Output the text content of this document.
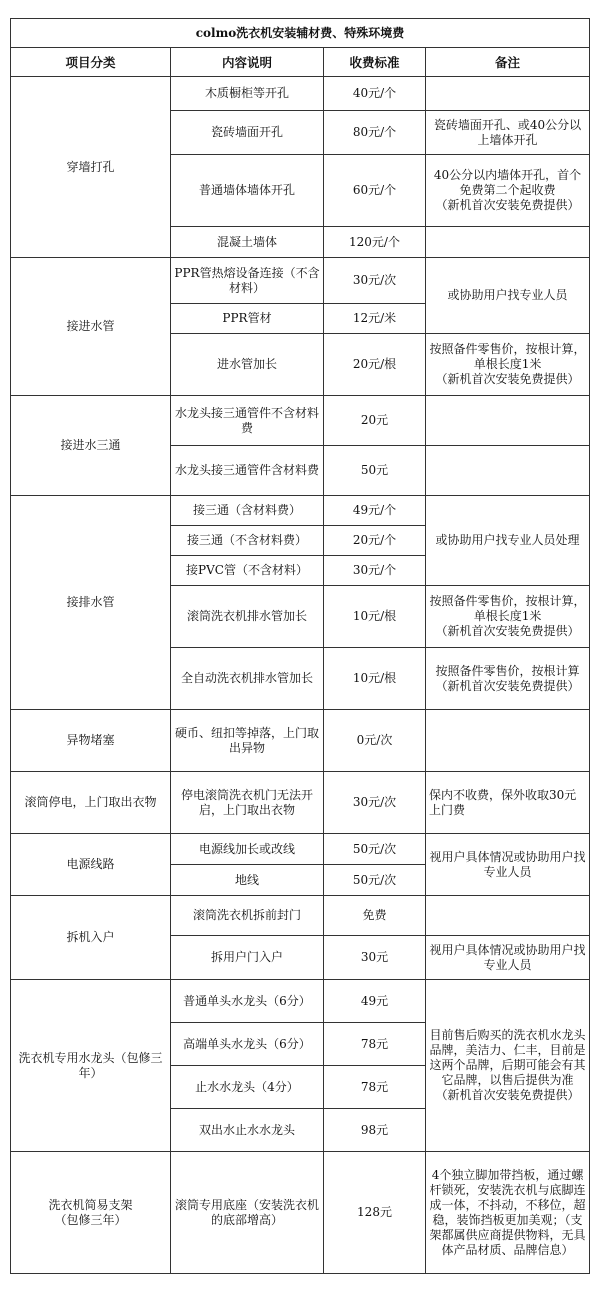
colmo洗衣机安装辅材费、特殊环境费			
项目分类	内容说明	收费标准	备注
穿墙打孔	木质橱柜等开孔	40元/个	
	瓷砖墙面开孔	80元/个	瓷砖墙面开孔、或40公分以上墙体开孔
	普通墙体墙体开孔	60元/个	40公分以内墙体开孔，首个免费第二个起收费
（新机首次安装免费提供）
	混凝土墙体	120元/个	
接进水管	PPR管热熔设备连接（不含材料）	30元/次	或协助用户找专业人员
	PPR管材	12元/米	
	进水管加长	20元/根	按照备件零售价，按根计算，单根长度1米
（新机首次安装免费提供）
接进水三通	水龙头接三通管件不含材料费	20元	
	水龙头接三通管件含材料费	50元	
接排水管	接三通（含材料费）	49元/个	或协助用户找专业人员处理
	接三通（不含材料费）	20元/个	
	接PVC管（不含材料）	30元/个	
	滚筒洗衣机排水管加长	10元/根	按照备件零售价，按根计算，单根长度1米
（新机首次安装免费提供）
	全自动洗衣机排水管加长	10元/根	按照备件零售价，按根计算
（新机首次安装免费提供）
异物堵塞	硬币、纽扣等掉落，上门取出异物	0元/次	
滚筒停电，上门取出衣物	停电滚筒洗衣机门无法开启，上门取出衣物	30元/次	保内不收费，保外收取30元上门费
电源线路	电源线加长或改线	50元/次	视用户具体情况或协助用户找专业人员
	地线	50元/次	
拆机入户	滚筒洗衣机拆前封门	免费	
	拆用户门入户	30元	视用户具体情况或协助用户找专业人员
洗衣机专用水龙头（包修三年）	普通单头水龙头（6分）	49元	目前售后购买的洗衣机水龙头品牌，美洁力、仁丰，目前是这两个品牌，后期可能会有其它品牌，以售后提供为准
（新机首次安装免费提供）
	高端单头水龙头（6分）	78元	
	止水水龙头（4分）	78元	
	双出水止水水龙头	98元	
洗衣机简易支架
（包修三年）	滚筒专用底座（安装洗衣机的底部增高）	128元	4个独立脚加带挡板，通过螺杆锁死，安装洗衣机与底脚连成一体，不抖动，不移位，超稳，装饰挡板更加美观；（支架都属供应商提供物料，无具体产品材质、品牌信息）
